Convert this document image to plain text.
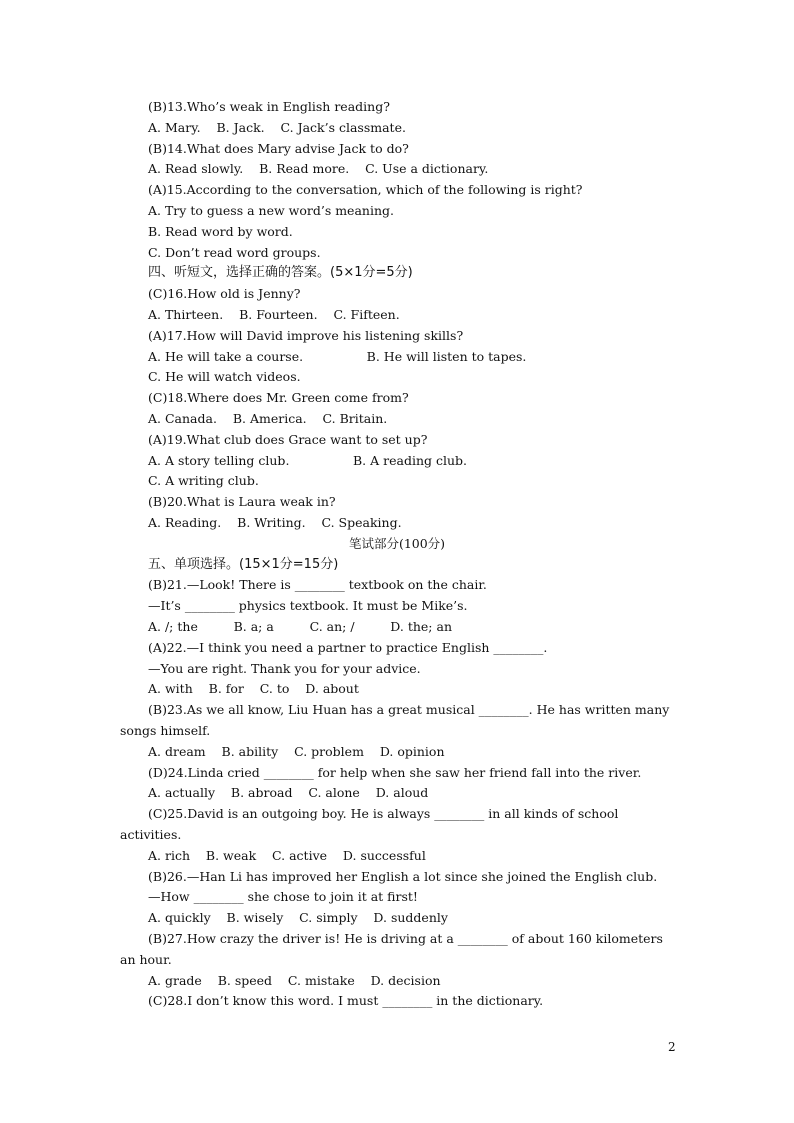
(B)13.Who’s weak in English reading?
A. Mary.    B. Jack.    C. Jack’s classmate.
(B)14.What does Mary advise Jack to do?
A. Read slowly.    B. Read more.    C. Use a dictionary.
(A)15.According to the conversation, which of the following is right?
A. Try to guess a new word’s meaning.
B. Read word by word.
C. Don’t read word groups.
四、听短文，选择正确的答案。(5×1分=5分)
(C)16.How old is Jenny?
A. Thirteen.    B. Fourteen.    C. Fifteen.
(A)17.How will David improve his listening skills?
A. He will take a course.                B. He will listen to tapes.
C. He will watch videos.
(C)18.Where does Mr. Green come from?
A. Canada.    B. America.    C. Britain.
(A)19.What club does Grace want to set up?
A. A story telling club.                B. A reading club.
C. A writing club.
(B)20.What is Laura weak in?
A. Reading.    B. Writing.    C. Speaking.
笔试部分(100分)
五、单项选择。(15×1分=15分)
(B)21.—Look! There is ________ textbook on the chair.
—It’s ________ physics textbook. It must be Mike’s.
A. /; the         B. a; a         C. an; /         D. the; an
(A)22.—I think you need a partner to practice English ________.
—You are right. Thank you for your advice.
A. with    B. for    C. to    D. about
(B)23.As we all know, Liu Huan has a great musical ________. He has written many
songs himself.
A. dream    B. ability    C. problem    D. opinion
(D)24.Linda cried ________ for help when she saw her friend fall into the river.
A. actually    B. abroad    C. alone    D. aloud
(C)25.David is an outgoing boy. He is always ________ in all kinds of school
activities.
A. rich    B. weak    C. active    D. successful
(B)26.—Han Li has improved her English a lot since she joined the English club.
—How ________ she chose to join it at first!
A. quickly    B. wisely    C. simply    D. suddenly
(B)27.How crazy the driver is! He is driving at a ________ of about 160 kilometers
an hour.
A. grade    B. speed    C. mistake    D. decision
(C)28.I don’t know this word. I must ________ in the dictionary.
2
